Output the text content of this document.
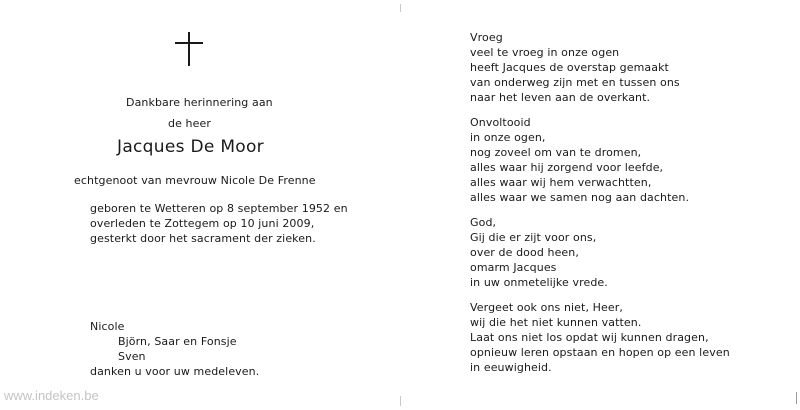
Dankbare herinnering aan
de heer
Jacques De Moor
echtgenoot van mevrouw Nicole De Frenne
geboren te Wetteren op 8 september 1952 en
overleden te Zottegem op 10 juni 2009,
gesterkt door het sacrament der zieken.
Nicole
Björn, Saar en Fonsje
Sven
danken u voor uw medeleven.
Vroeg
veel te vroeg in onze ogen
heeft Jacques de overstap gemaakt
van onderweg zijn met en tussen ons
naar het leven aan de overkant.
Onvoltooid
in onze ogen,
nog zoveel om van te dromen,
alles waar hij zorgend voor leefde,
alles waar wij hem verwachtten,
alles waar we samen nog aan dachten.
God,
Gij die er zijt voor ons,
over de dood heen,
omarm Jacques
in uw onmetelijke vrede.
Vergeet ook ons niet, Heer,
wij die het niet kunnen vatten.
Laat ons niet los opdat wij kunnen dragen,
opnieuw leren opstaan en hopen op een leven
in eeuwigheid.
www.indeken.be
